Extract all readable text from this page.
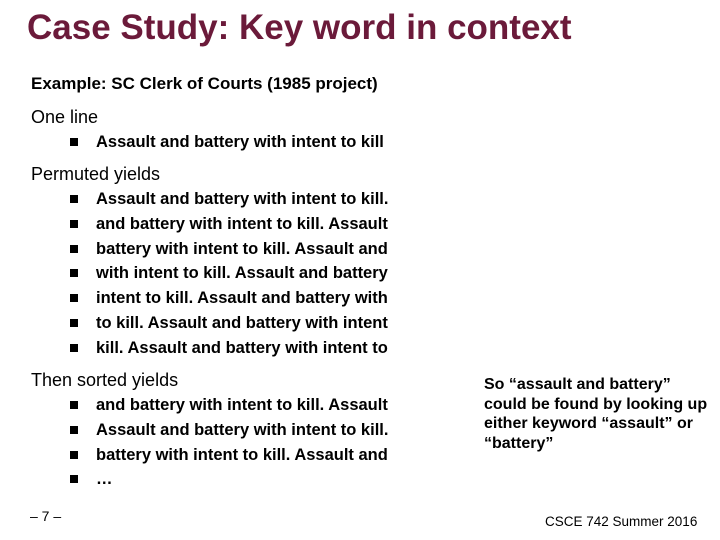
Case Study: Key word in context
Example: SC Clerk of Courts (1985 project)
One line
Assault and battery with intent to kill
Permuted yields
Assault and battery with intent to kill.
and battery with intent to kill. Assault
battery with intent to kill. Assault and
with intent to kill. Assault and battery
intent to kill. Assault and battery with
to kill. Assault and battery with intent
kill. Assault and battery with intent to
Then sorted yields
and battery with intent to kill. Assault
Assault and battery with intent to kill.
battery with intent to kill. Assault and
…
So “assault and battery” could be found by looking up either keyword “assault” or “battery”
– 7 –	CSCE 742 Summer 2016
